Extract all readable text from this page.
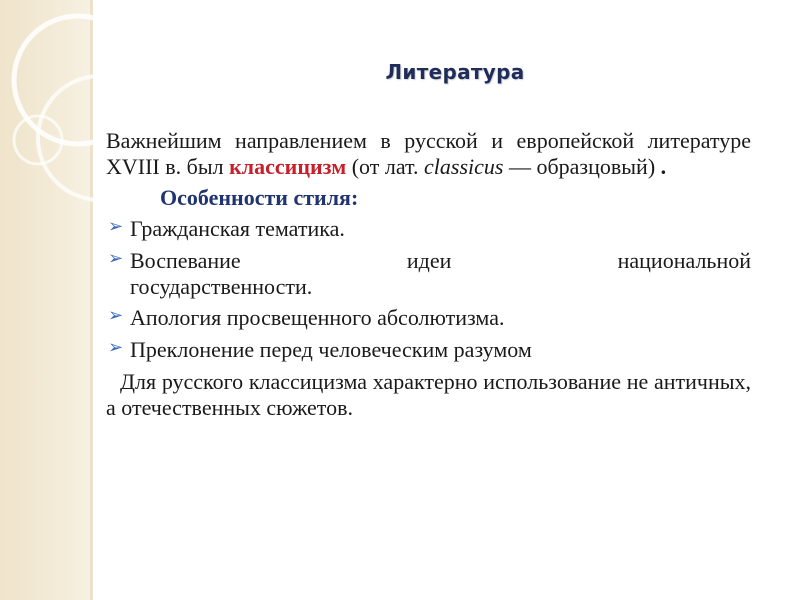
Литература

Важнейшим направлением в русской и европейской литературе XVIII в. был классицизм (от лат. classicus — образцовый) .

Особенности стиля:
➢ Гражданская тематика.
➢ Воспевание идеи национальной
государственности.
➢ Апология просвещенного абсолютизма.
➢ Преклонение перед человеческим разумом

Для русского классицизма характерно использование не античных, а отечественных сюжетов.
